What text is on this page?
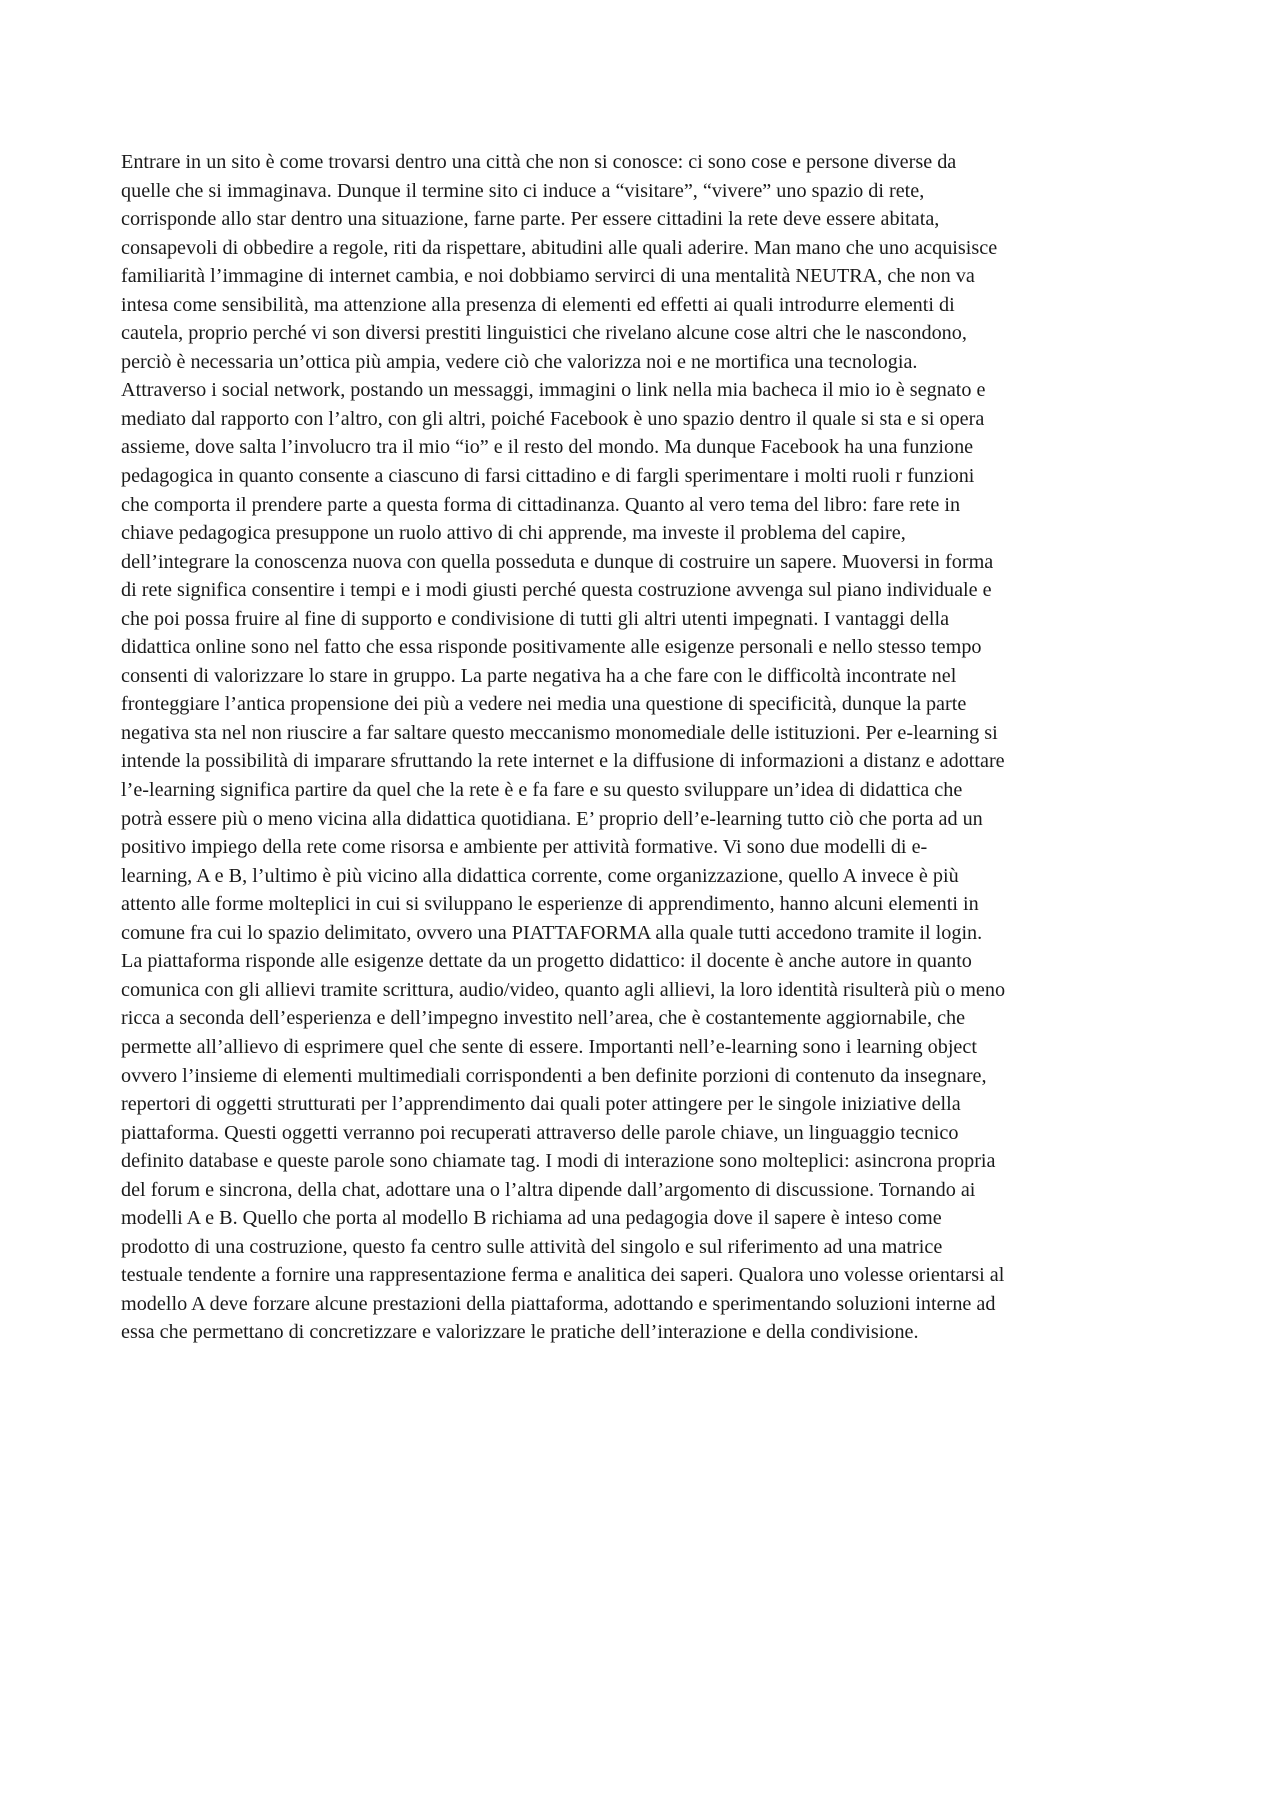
Entrare in un sito è come trovarsi dentro una città che non si conosce: ci sono cose e persone diverse da
quelle che si immaginava. Dunque il termine sito ci induce a “visitare”, “vivere” uno spazio di rete,
corrisponde allo star dentro una situazione, farne parte. Per essere cittadini la rete deve essere abitata,
consapevoli di obbedire a regole, riti da rispettare, abitudini alle quali aderire. Man mano che uno acquisisce
familiarità l’immagine di internet cambia, e noi dobbiamo servirci di una mentalità NEUTRA, che non va
intesa come sensibilità, ma attenzione alla presenza di elementi ed effetti ai quali introdurre elementi di
cautela, proprio perché vi son diversi prestiti linguistici che rivelano alcune cose altri che le nascondono,
perciò è necessaria un’ottica più ampia, vedere ciò che valorizza noi e ne mortifica una tecnologia.
Attraverso i social network, postando un messaggi, immagini o link nella mia bacheca il mio io è segnato e
mediato dal rapporto con l’altro, con gli altri, poiché Facebook è uno spazio dentro il quale si sta e si opera
assieme, dove salta l’involucro tra il mio “io” e il resto del mondo. Ma dunque Facebook ha una funzione
pedagogica in quanto consente a ciascuno di farsi cittadino e di fargli sperimentare i molti ruoli r funzioni
che comporta il prendere parte a questa forma di cittadinanza. Quanto al vero tema del libro: fare rete in
chiave pedagogica presuppone un ruolo attivo di chi apprende, ma investe il problema del capire,
dell’integrare la conoscenza nuova con quella posseduta e dunque di costruire un sapere. Muoversi in forma
di rete significa consentire i tempi e i modi giusti perché questa costruzione avvenga sul piano individuale e
che poi possa fruire al fine di supporto e condivisione di tutti gli altri utenti impegnati. I vantaggi della
didattica online sono nel fatto che essa risponde positivamente alle esigenze personali e nello stesso tempo
consenti di valorizzare lo stare in gruppo. La parte negativa ha a che fare con le difficoltà incontrate nel
fronteggiare l’antica propensione dei più a vedere nei media una questione di specificità, dunque la parte
negativa sta nel non riuscire a far saltare questo meccanismo monomediale delle istituzioni. Per e-learning si
intende la possibilità di imparare sfruttando la rete internet e la diffusione di informazioni a distanz e adottare
l’e-learning significa partire da quel che la rete è e fa fare e su questo sviluppare un’idea di didattica che
potrà essere più o meno vicina alla didattica quotidiana. E’ proprio dell’e-learning tutto ciò che porta ad un
positivo impiego della rete come risorsa e ambiente per attività formative. Vi sono due modelli di e-
learning, A e B, l’ultimo è più vicino alla didattica corrente, come organizzazione, quello A invece è più
attento alle forme molteplici in cui si sviluppano le esperienze di apprendimento, hanno alcuni elementi in
comune fra cui lo spazio delimitato, ovvero una PIATTAFORMA alla quale tutti accedono tramite il login.
La piattaforma risponde alle esigenze dettate da un progetto didattico: il docente è anche autore in quanto
comunica con gli allievi tramite scrittura, audio/video, quanto agli allievi, la loro identità risulterà più o meno
ricca a seconda dell’esperienza e dell’impegno investito nell’area, che è costantemente aggiornabile, che
permette all’allievo di esprimere quel che sente di essere. Importanti nell’e-learning sono i learning object
ovvero l’insieme di elementi multimediali corrispondenti a ben definite porzioni di contenuto da insegnare,
repertori di oggetti strutturati per l’apprendimento dai quali poter attingere per le singole iniziative della
piattaforma. Questi oggetti verranno poi recuperati attraverso delle parole chiave, un linguaggio tecnico
definito database e queste parole sono chiamate tag. I modi di interazione sono molteplici: asincrona propria
del forum e sincrona, della chat, adottare una o l’altra dipende dall’argomento di discussione. Tornando ai
modelli A e B. Quello che porta al modello B richiama ad una pedagogia dove il sapere è inteso come
prodotto di una costruzione, questo fa centro sulle attività del singolo e sul riferimento ad una matrice
testuale tendente a fornire una rappresentazione ferma e analitica dei saperi. Qualora uno volesse orientarsi al
modello A deve forzare alcune prestazioni della piattaforma, adottando e sperimentando soluzioni interne ad
essa che permettano di concretizzare e valorizzare le pratiche dell’interazione e della condivisione.
